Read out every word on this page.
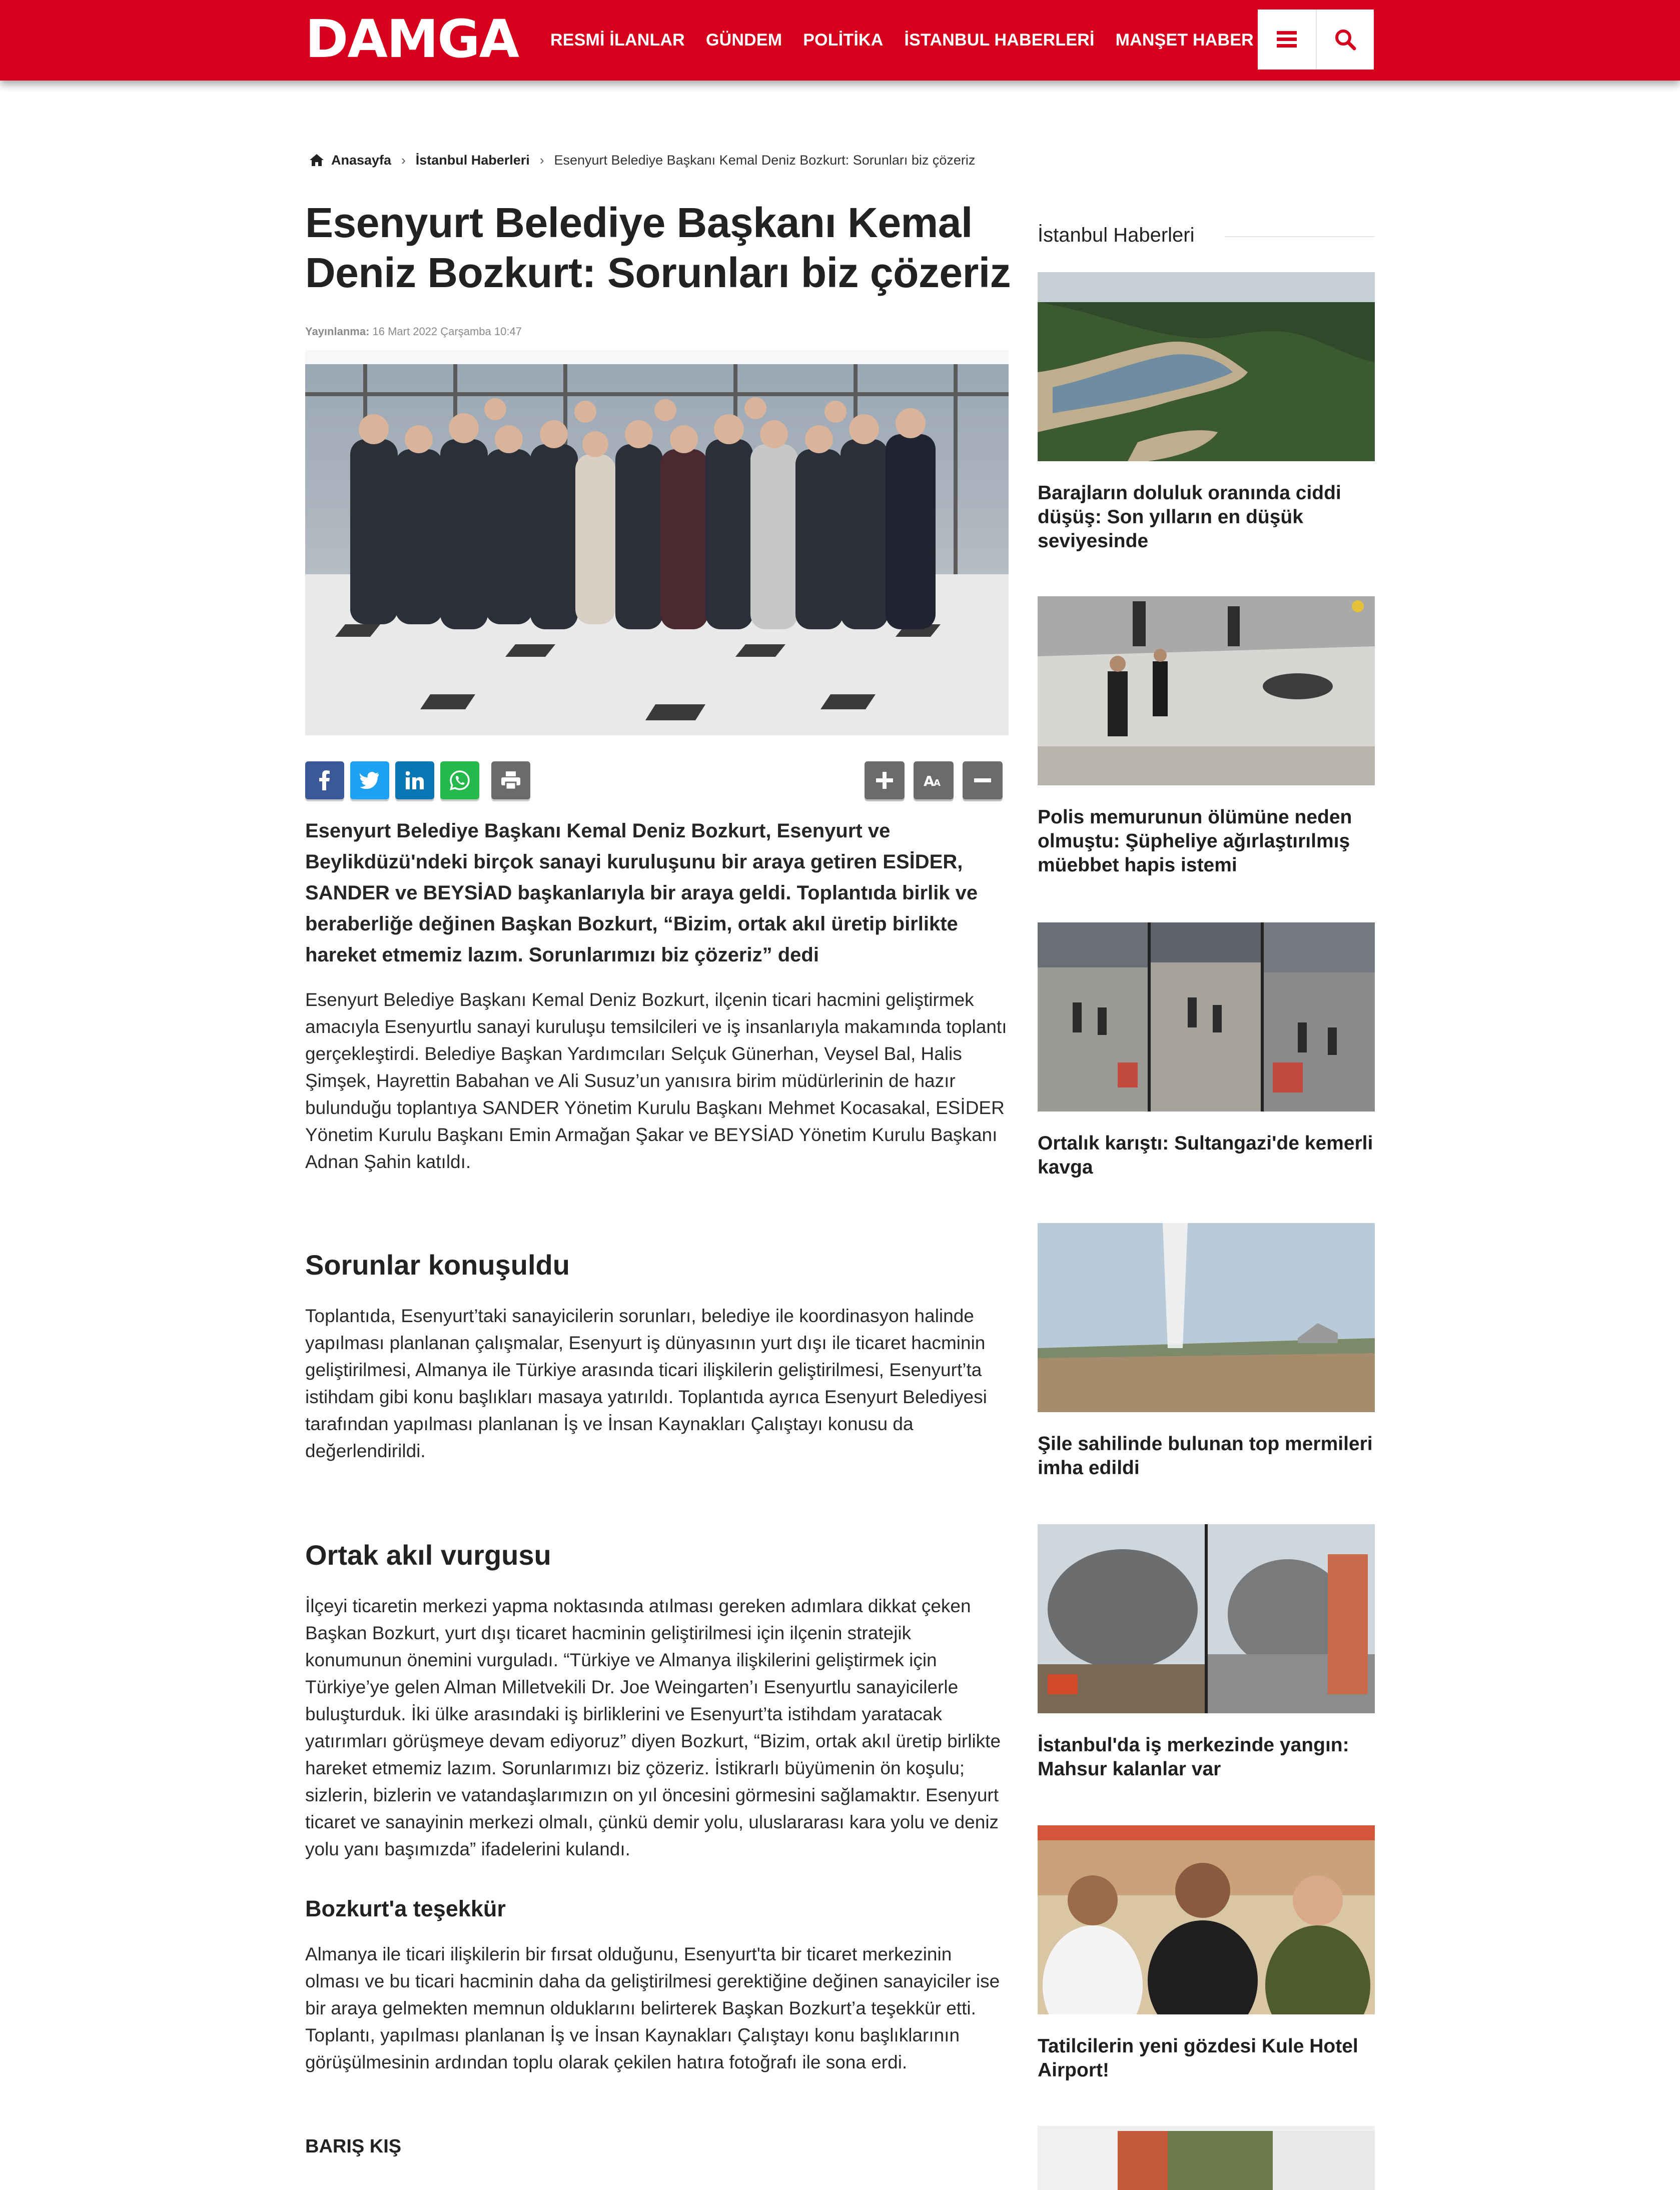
DAMGA RESMİ İLANLAR GÜNDEM POLİTİKA İSTANBUL HABERLERİ MANŞET HABER
Anasayfa › İstanbul Haberleri › Esenyurt Belediye Başkanı Kemal Deniz Bozkurt: Sorunları biz çözeriz
Esenyurt Belediye Başkanı Kemal Deniz Bozkurt: Sorunları biz çözeriz
Yayınlanma: 16 Mart 2022 Çarşamba 10:47
A
A

Esenyurt Belediye Başkanı Kemal Deniz Bozkurt, Esenyurt ve Beylikdüzü'ndeki birçok sanayi kuruluşunu bir araya getiren ESİDER, SANDER ve BEYSİAD başkanlarıyla bir araya geldi. Toplantıda birlik ve beraberliğe değinen Başkan Bozkurt, “Bizim, ortak akıl üretip birlikte hareket etmemiz lazım. Sorunlarımızı biz çözeriz” dedi

Esenyurt Belediye Başkanı Kemal Deniz Bozkurt, ilçenin ticari hacmini geliştirmek amacıyla Esenyurtlu sanayi kuruluşu temsilcileri ve iş insanlarıyla makamında toplantı gerçekleştirdi. Belediye Başkan Yardımcıları Selçuk Günerhan, Veysel Bal, Halis Şimşek, Hayrettin Babahan ve Ali Susuz’un yanısıra birim müdürlerinin de hazır bulunduğu toplantıya SANDER Yönetim Kurulu Başkanı Mehmet Kocasakal, ESİDER Yönetim Kurulu Başkanı Emin Armağan Şakar ve BEYSİAD Yönetim Kurulu Başkanı Adnan Şahin katıldı.

Sorunlar konuşuldu

Toplantıda, Esenyurt’taki sanayicilerin sorunları, belediye ile koordinasyon halinde yapılması planlanan çalışmalar, Esenyurt iş dünyasının yurt dışı ile ticaret hacminin geliştirilmesi, Almanya ile Türkiye arasında ticari ilişkilerin geliştirilmesi, Esenyurt’ta istihdam gibi konu başlıkları masaya yatırıldı. Toplantıda ayrıca Esenyurt Belediyesi tarafından yapılması planlanan İş ve İnsan Kaynakları Çalıştayı konusu da değerlendirildi.

Ortak akıl vurgusu

İlçeyi ticaretin merkezi yapma noktasında atılması gereken adımlara dikkat çeken Başkan Bozkurt, yurt dışı ticaret hacminin geliştirilmesi için ilçenin stratejik konumunun önemini vurguladı. “Türkiye ve Almanya ilişkilerini geliştirmek için Türkiye’ye gelen Alman Milletvekili Dr. Joe Weingarten’ı Esenyurtlu sanayicilerle buluşturduk. İki ülke arasındaki iş birliklerini ve Esenyurt’ta istihdam yaratacak yatırımları görüşmeye devam ediyoruz” diyen Bozkurt, “Bizim, ortak akıl üretip birlikte hareket etmemiz lazım. Sorunlarımızı biz çözeriz. İstikrarlı büyümenin ön koşulu; sizlerin, bizlerin ve vatandaşlarımızın on yıl öncesini görmesini sağlamaktır. Esenyurt ticaret ve sanayinin merkezi olmalı, çünkü demir yolu, uluslararası kara yolu ve deniz yolu yanı başımızda” ifadelerini kulandı.

Bozkurt'a teşekkür

Almanya ile ticari ilişkilerin bir fırsat olduğunu, Esenyurt'ta bir ticaret merkezinin olması ve bu ticari hacminin daha da geliştirilmesi gerektiğine değinen sanayiciler ise bir araya gelmekten memnun olduklarını belirterek Başkan Bozkurt’a teşekkür etti. Toplantı, yapılması planlanan İş ve İnsan Kaynakları Çalıştayı konu başlıklarının görüşülmesinin ardından toplu olarak çekilen hatıra fotoğrafı ile sona erdi.

BARIŞ KIŞ
İstanbul Haberleri
Barajların doluluk oranında ciddi düşüş: Son yılların en düşük seviyesinde
Polis memurunun ölümüne neden olmuştu: Şüpheliye ağırlaştırılmış müebbet hapis istemi
Ortalık karıştı: Sultangazi'de kemerli kavga
Şile sahilinde bulunan top mermileri imha edildi
İstanbul'da iş merkezinde yangın: Mahsur kalanlar var
Tatilcilerin yeni gözdesi Kule Hotel Airport!
